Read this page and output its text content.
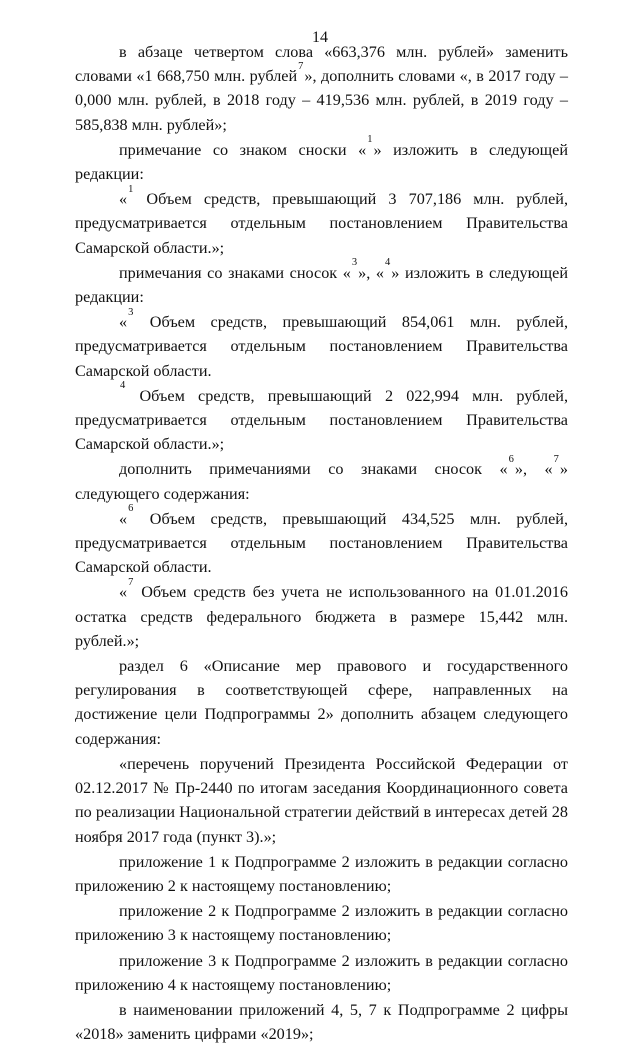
14

в абзаце четвертом слова «663,376 млн. рублей» заменить словами «1 668,750 млн. рублей$^7$», дополнить словами «, в 2017 году – 0,000 млн. рублей, в 2018 году – 419,536 млн. рублей, в 2019 году – 585,838 млн. рублей»;

примечание со знаком сноски «$^1$» изложить в следующей редакции:

«$^1$ Объем средств, превышающий 3 707,186 млн. рублей, предусматривается отдельным постановлением Правительства Самарской области.»;

примечания со знаками сносок «$^3$», «$^4$» изложить в следующей редакции:

«$^3$ Объем средств, превышающий 854,061 млн. рублей, предусматривается отдельным постановлением Правительства Самарской области.

$^4$ Объем средств, превышающий 2 022,994 млн. рублей, предусматривается отдельным постановлением Правительства Самарской области.»;

дополнить примечаниями со знаками сносок «$^6$», «$^7$» следующего содержания:

«$^6$ Объем средств, превышающий 434,525 млн. рублей, предусматривается отдельным постановлением Правительства Самарской области.

«$^7$ Объем средств без учета не использованного на 01.01.2016 остатка средств федерального бюджета в размере 15,442 млн. рублей.»;

раздел 6 «Описание мер правового и государственного регулирования в соответствующей сфере, направленных на достижение цели Подпрограммы 2» дополнить абзацем следующего содержания:

«перечень поручений Президента Российской Федерации от 02.12.2017 № Пр-2440 по итогам заседания Координационного совета по реализации Национальной стратегии действий в интересах детей 28 ноября 2017 года (пункт 3).»;

приложение 1 к Подпрограмме 2 изложить в редакции согласно приложению 2 к настоящему постановлению;

приложение 2 к Подпрограмме 2 изложить в редакции согласно приложению 3 к настоящему постановлению;

приложение 3 к Подпрограмме 2 изложить в редакции согласно приложению 4 к настоящему постановлению;

в наименовании приложений 4, 5, 7 к Подпрограмме 2 цифры «2018» заменить цифрами «2019»;
